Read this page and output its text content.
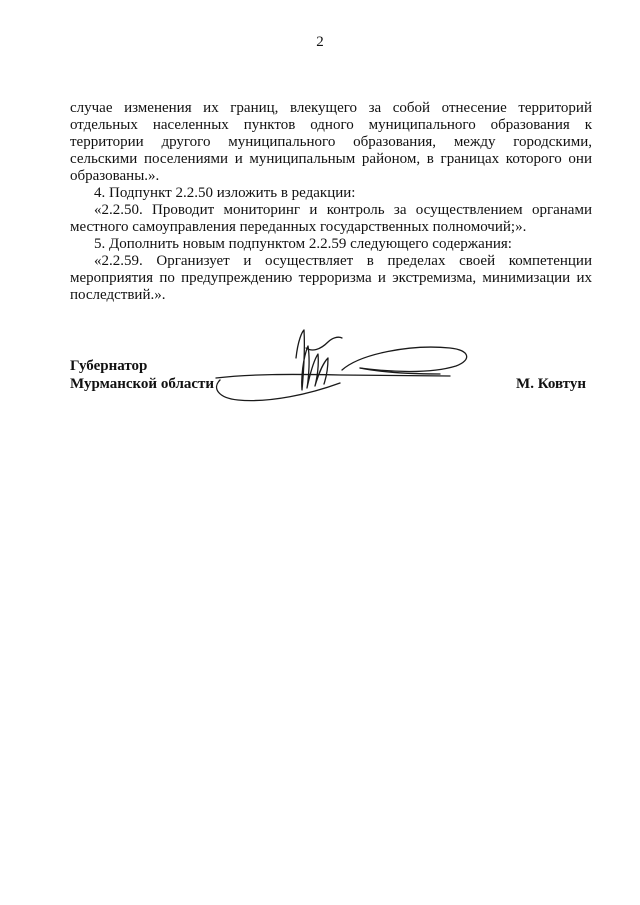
2

случае изменения их границ, влекущего за собой отнесение территорий отдельных населенных пунктов одного муниципального образования к территории другого муниципального образования, между городскими, сельскими поселениями и муниципальным районом, в границах которого они образованы.».

4. Подпункт 2.2.50 изложить в редакции:

«2.2.50. Проводит мониторинг и контроль за осуществлением органами местного самоуправления переданных государственных полномочий;».

5. Дополнить новым подпунктом 2.2.59 следующего содержания:

«2.2.59. Организует и осуществляет в пределах своей компетенции мероприятия по предупреждению терроризма и экстремизма, минимизации их последствий.».

Губернатор
Мурманской области	М. Ковтун
